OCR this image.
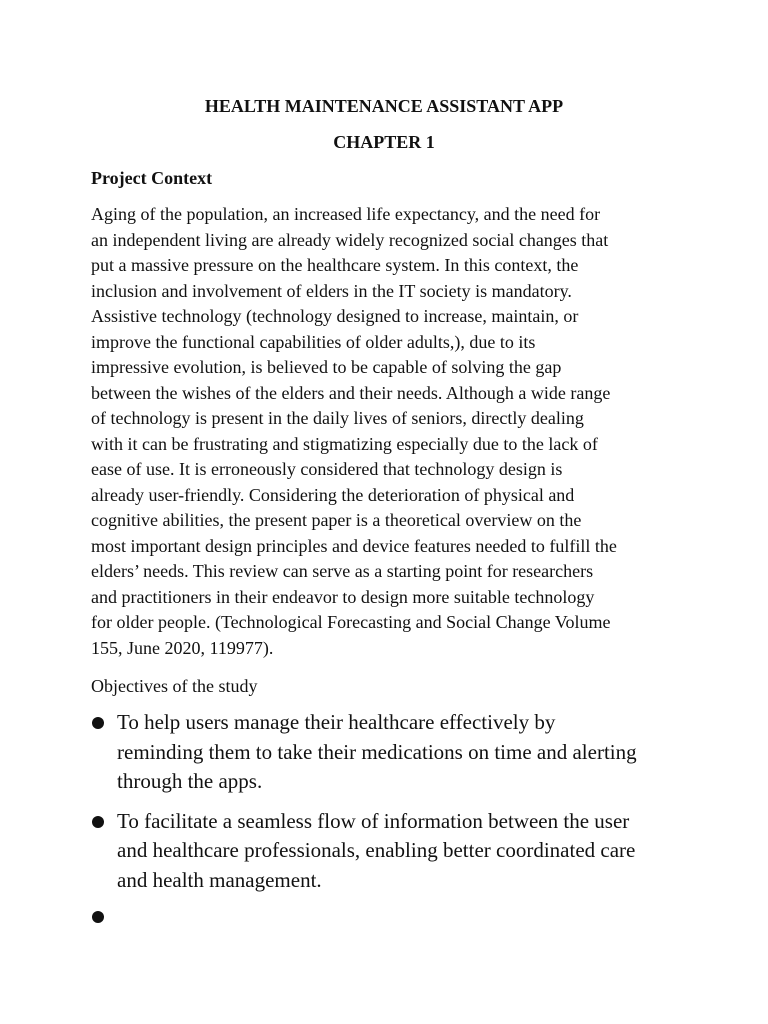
HEALTH MAINTENANCE ASSISTANT APP
CHAPTER 1
Project Context

Aging of the population, an increased life expectancy, and the need for
an independent living are already widely recognized social changes that
put a massive pressure on the healthcare system. In this context, the
inclusion and involvement of elders in the IT society is mandatory.
Assistive technology (technology designed to increase, maintain, or
improve the functional capabilities of older adults,), due to its
impressive evolution, is believed to be capable of solving the gap
between the wishes of the elders and their needs. Although a wide range
of technology is present in the daily lives of seniors, directly dealing
with it can be frustrating and stigmatizing especially due to the lack of
ease of use. It is erroneously considered that technology design is
already user-friendly. Considering the deterioration of physical and
cognitive abilities, the present paper is a theoretical overview on the
most important design principles and device features needed to fulfill the
elders’ needs. This review can serve as a starting point for researchers
and practitioners in their endeavor to design more suitable technology
for older people. (Technological Forecasting and Social Change Volume
155, June 2020, 119977).

Objectives of the study

To help users manage their healthcare effectively by
reminding them to take their medications on time and alerting
through the apps.
To facilitate a seamless flow of information between the user
and healthcare professionals, enabling better coordinated care
and health management.
